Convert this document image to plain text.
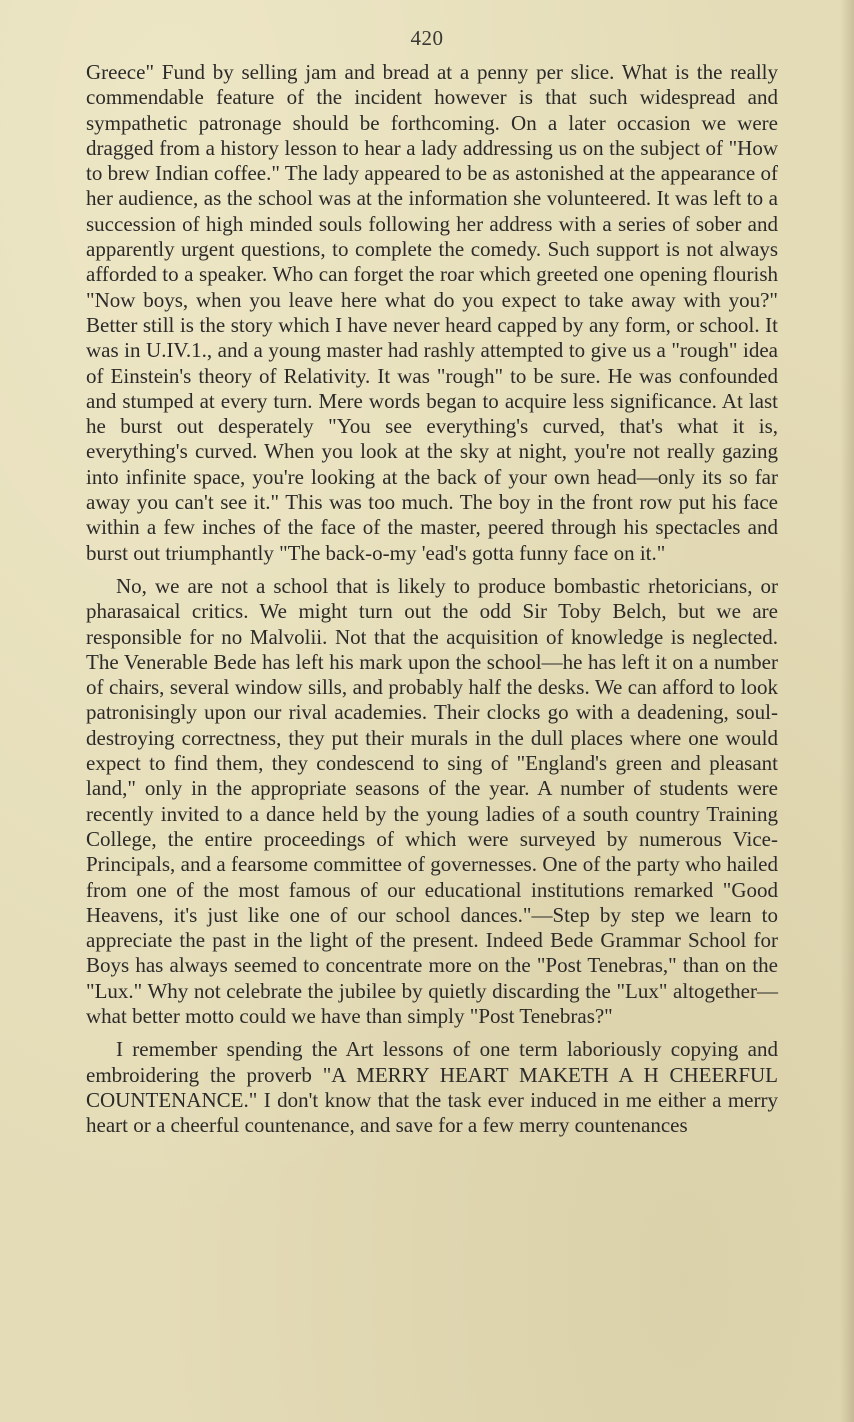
420

Greece" Fund by selling jam and bread at a penny per slice. What is the really commendable feature of the incident however is that such widespread and sympathetic patronage should be forthcoming. On a later occasion we were dragged from a history lesson to hear a lady addressing us on the subject of "How to brew Indian coffee." The lady appeared to be as astonished at the appearance of her audience, as the school was at the information she volunteered. It was left to a succession of high minded souls following her address with a series of sober and apparently urgent questions, to complete the comedy. Such support is not always afforded to a speaker. Who can forget the roar which greeted one opening flourish "Now boys, when you leave here what do you expect to take away with you?" Better still is the story which I have never heard capped by any form, or school. It was in U.IV.1., and a young master had rashly attempted to give us a "rough" idea of Einstein's theory of Relativity. It was "rough" to be sure. He was confounded and stumped at every turn. Mere words began to acquire less significance. At last he burst out desperately "You see everything's curved, that's what it is, everything's curved. When you look at the sky at night, you're not really gazing into infinite space, you're looking at the back of your own head—only its so far away you can't see it." This was too much. The boy in the front row put his face within a few inches of the face of the master, peered through his spectacles and burst out triumphantly "The back-o-my 'ead's gotta funny face on it."

No, we are not a school that is likely to produce bombastic rhetoricians, or pharasaical critics. We might turn out the odd Sir Toby Belch, but we are responsible for no Malvolii. Not that the acquisition of knowledge is neglected. The Venerable Bede has left his mark upon the school—he has left it on a number of chairs, several window sills, and probably half the desks. We can afford to look patronisingly upon our rival academies. Their clocks go with a deadening, soul-destroying correctness, they put their murals in the dull places where one would expect to find them, they condescend to sing of "England's green and pleasant land," only in the appropriate seasons of the year. A number of students were recently invited to a dance held by the young ladies of a south country Training College, the entire proceedings of which were surveyed by numerous Vice-Principals, and a fearsome committee of governesses. One of the party who hailed from one of the most famous of our educational institutions remarked "Good Heavens, it's just like one of our school dances."—Step by step we learn to appreciate the past in the light of the present. Indeed Bede Grammar School for Boys has always seemed to concentrate more on the "Post Tenebras," than on the "Lux." Why not celebrate the jubilee by quietly discarding the "Lux" altogether—what better motto could we have than simply "Post Tenebras?"

I remember spending the Art lessons of one term laboriously copying and embroidering the proverb "A MERRY HEART MAKETH A H CHEERFUL COUNTENANCE." I don't know that the task ever induced in me either a merry heart or a cheerful countenance, and save for a few merry countenances
